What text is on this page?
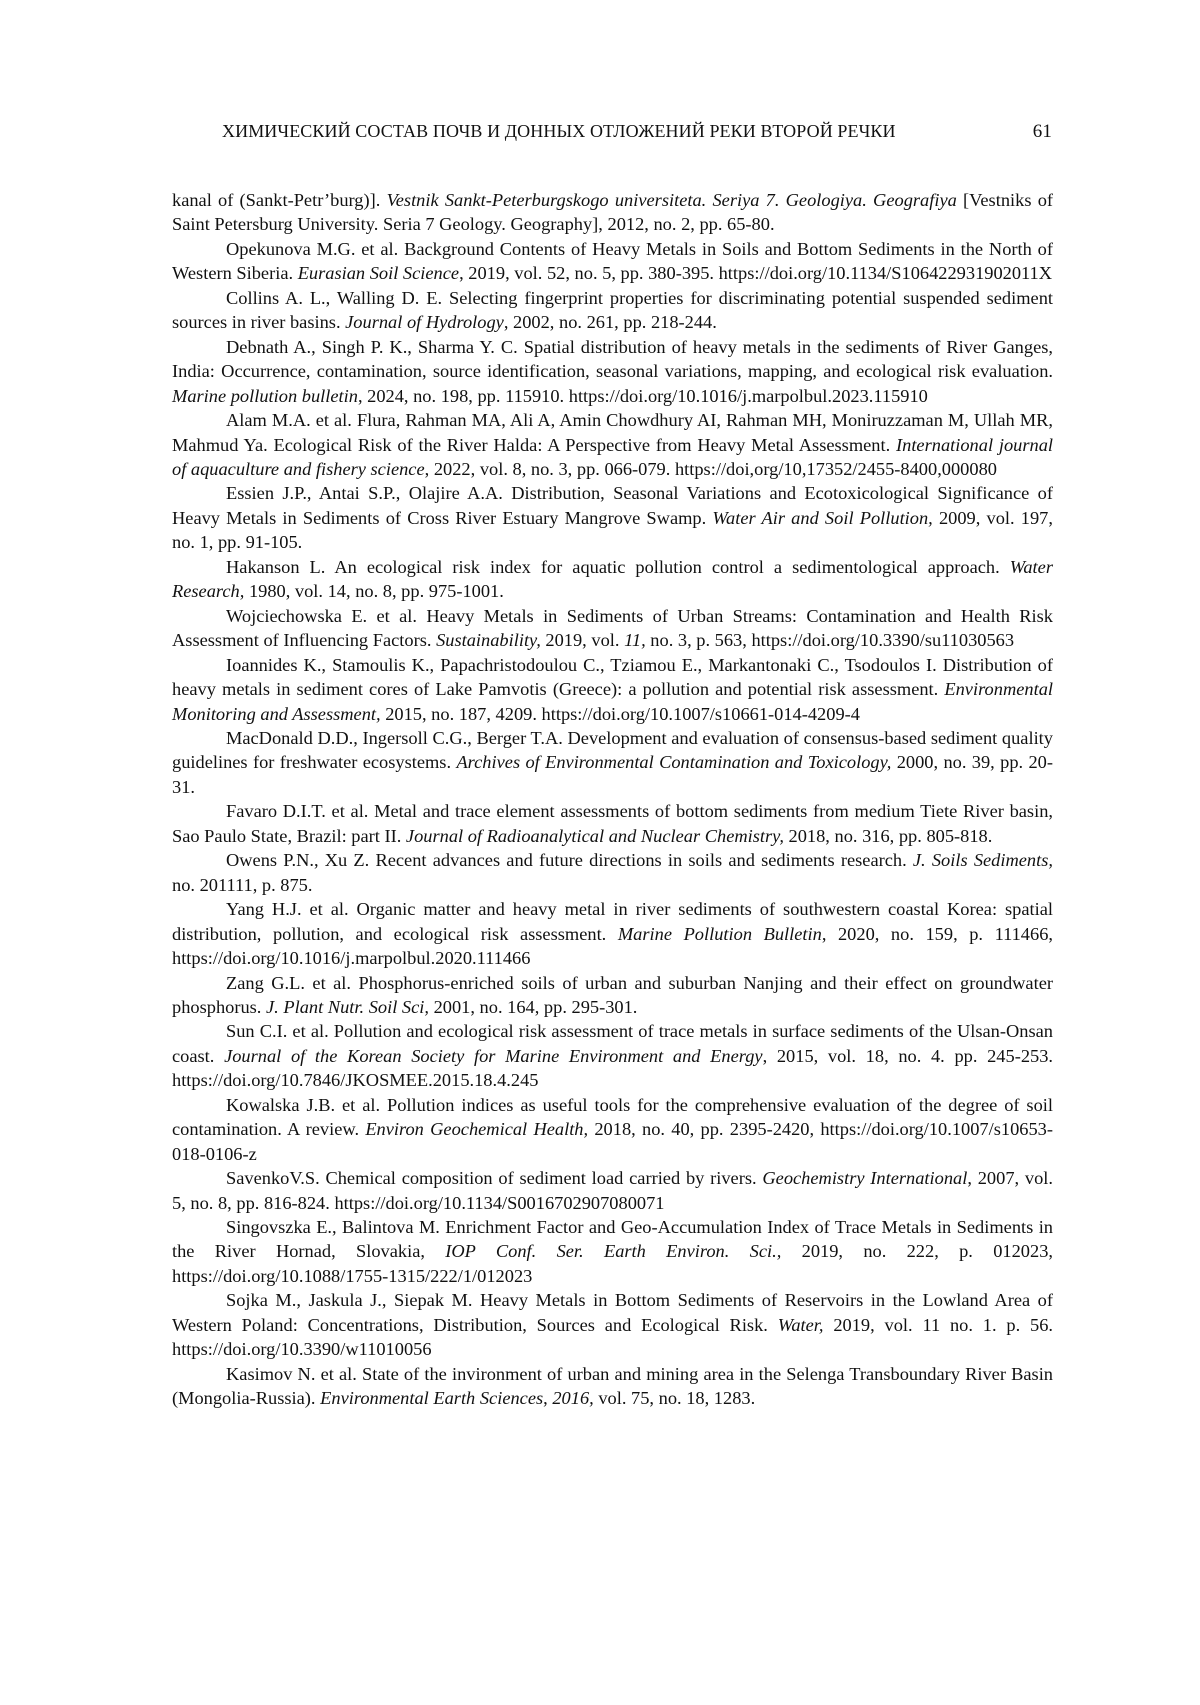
ХИМИЧЕСКИЙ СОСТАВ ПОЧВ И ДОННЫХ ОТЛОЖЕНИЙ РЕКИ ВТОРОЙ РЕЧКИ	61

kanal of (Sankt-Petr’burg)]. Vestnik Sankt-Peterburgskogo universiteta. Seriya 7. Geologiya. Geografiya [Vestniks of Saint Petersburg University. Seria 7 Geology. Geography], 2012, no. 2, pp. 65-80.

Opekunova M.G. et al. Background Contents of Heavy Metals in Soils and Bottom Sediments in the North of Western Siberia. Eurasian Soil Science, 2019, vol. 52, no. 5, pp. 380-395. https://doi.org/10.1134/S106422931902011X

Collins A. L., Walling D. E. Selecting fingerprint properties for discriminating potential suspended sediment sources in river basins. Journal of Hydrology, 2002, no. 261, pp. 218-244.

Debnath A., Singh P. K., Sharma Y. C. Spatial distribution of heavy metals in the sediments of River Ganges, India: Occurrence, contamination, source identification, seasonal variations, mapping, and ecological risk evaluation. Marine pollution bulletin, 2024, no. 198, pp. 115910. https://doi.org/10.1016/j.marpolbul.2023.115910

Alam M.A. et al. Flura, Rahman MA, Ali A, Amin Chowdhury AI, Rahman MH, Moniruzzaman M, Ullah MR, Mahmud Ya. Ecological Risk of the River Halda: A Perspective from Heavy Metal Assessment. International journal of aquaculture and fishery science, 2022, vol. 8, no. 3, pp. 066-079. https://doi,org/10,17352/2455-8400,000080

Essien J.P., Antai S.P., Olajire A.A. Distribution, Seasonal Variations and Ecotoxicological Significance of Heavy Metals in Sediments of Cross River Estuary Mangrove Swamp. Water Air and Soil Pollution, 2009, vol. 197, no. 1, pp. 91-105.

Hakanson L. An ecological risk index for aquatic pollution control a sedimentological approach. Water Research, 1980, vol. 14, no. 8, pp. 975-1001.

Wojciechowska E. et al. Heavy Metals in Sediments of Urban Streams: Contamination and Health Risk Assessment of Influencing Factors. Sustainability, 2019, vol. 11, no. 3, p. 563, https://doi.org/10.3390/su11030563

Ioannides K., Stamoulis K., Papachristodoulou C., Tziamou E., Markantonaki C., Tsodoulos I. Distribution of heavy metals in sediment cores of Lake Pamvotis (Greece): a pollution and potential risk assessment. Environmental Monitoring and Assessment, 2015, no. 187, 4209. https://doi.org/10.1007/s10661-014-4209-4

MacDonald D.D., Ingersoll C.G., Berger T.A. Development and evaluation of consensus-based sediment quality guidelines for freshwater ecosystems. Archives of Environmental Contamination and Toxicology, 2000, no. 39, pp. 20-31.

Favaro D.I.T. et al. Metal and trace element assessments of bottom sediments from medium Tiete River basin, Sao Paulo State, Brazil: part II. Journal of Radioanalytical and Nuclear Chemistry, 2018, no. 316, pp. 805-818.

Owens P.N., Xu Z. Recent advances and future directions in soils and sediments research. J. Soils Sediments, no. 201111, p. 875.

Yang H.J. et al. Organic matter and heavy metal in river sediments of southwestern coastal Korea: spatial distribution, pollution, and ecological risk assessment. Marine Pollution Bulletin, 2020, no. 159, p. 111466, https://doi.org/10.1016/j.marpolbul.2020.111466

Zang G.L. et al. Phosphorus-enriched soils of urban and suburban Nanjing and their effect on groundwater phosphorus. J. Plant Nutr. Soil Sci, 2001, no. 164, pp. 295-301.

Sun C.I. et al. Pollution and ecological risk assessment of trace metals in surface sediments of the Ulsan-Onsan coast. Journal of the Korean Society for Marine Environment and Energy, 2015, vol. 18, no. 4. pp. 245-253. https://doi.org/10.7846/JKOSMEE.2015.18.4.245

Kowalska J.B. et al. Pollution indices as useful tools for the comprehensive evaluation of the degree of soil contamination. A review. Environ Geochemical Health, 2018, no. 40, pp. 2395-2420, https://doi.org/10.1007/s10653-018-0106-z

SavenkoV.S. Chemical composition of sediment load carried by rivers. Geochemistry International, 2007, vol. 5, no. 8, pp. 816-824. https://doi.org/10.1134/S0016702907080071

Singovszka E., Balintova M. Enrichment Factor and Geo-Accumulation Index of Trace Metals in Sediments in the River Hornad, Slovakia, IOP Conf. Ser. Earth Environ. Sci., 2019, no. 222, p. 012023, https://doi.org/10.1088/1755-1315/222/1/012023

Sojka M., Jaskula J., Siepak M. Heavy Metals in Bottom Sediments of Reservoirs in the Lowland Area of Western Poland: Concentrations, Distribution, Sources and Ecological Risk. Water, 2019, vol. 11 no. 1. p. 56. https://doi.org/10.3390/w11010056

Kasimov N. et al. State of the invironment of urban and mining area in the Selenga Transboundary River Basin (Mongolia-Russia). Environmental Earth Sciences, 2016, vol. 75, no. 18, 1283.
